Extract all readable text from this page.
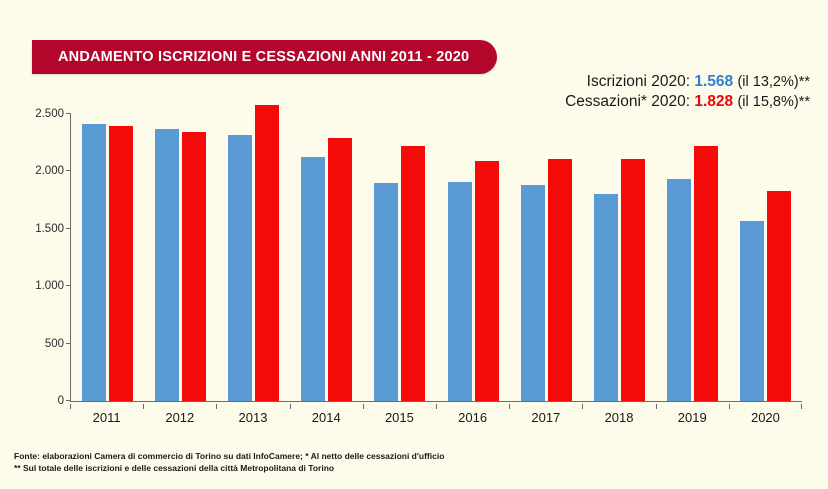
ANDAMENTO ISCRIZIONI E CESSAZIONI ANNI 2011 - 2020
Iscrizioni 2020: 1.568 (il 13,2%)**
Cessazioni* 2020: 1.828 (il 15,8%)**
0
500
1.000
1.500
2.000
2.500
2011	2012	2013	2014	2015	2016	2017	2018	2019	2020
Fonte: elaborazioni Camera di commercio di Torino su dati InfoCamere; * Al netto delle cessazioni d'ufficio
** Sul totale delle iscrizioni e delle cessazioni della città Metropolitana di Torino
